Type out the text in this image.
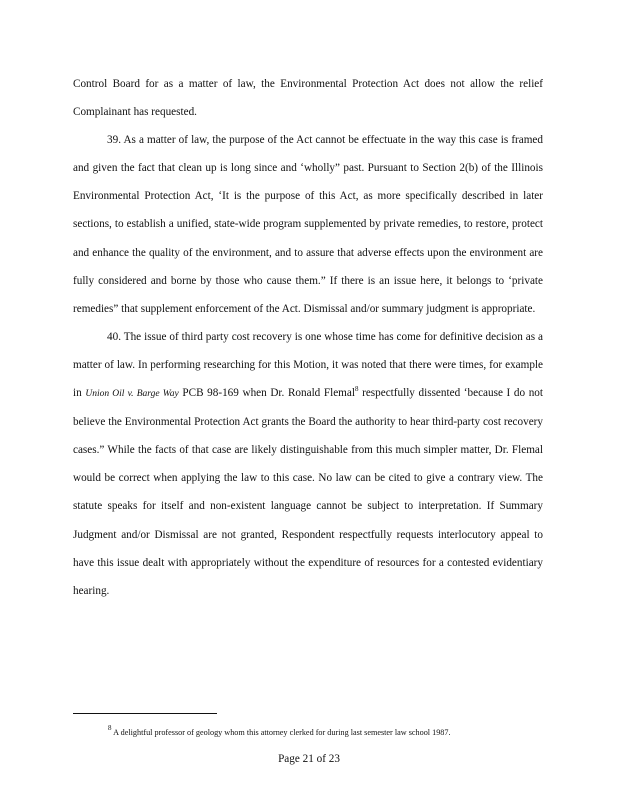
Control Board for as a matter of law, the Environmental Protection Act does not allow the relief Complainant has requested.

39. As a matter of law, the purpose of the Act cannot be effectuate in the way this case is framed and given the fact that clean up is long since and ‘wholly” past. Pursuant to Section 2(b) of the Illinois Environmental Protection Act, ‘It is the purpose of this Act, as more specifically described in later sections, to establish a unified, state-wide program supplemented by private remedies, to restore, protect and enhance the quality of the environment, and to assure that adverse effects upon the environment are fully considered and borne by those who cause them.” If there is an issue here, it belongs to ‘private remedies” that supplement enforcement of the Act. Dismissal and/or summary judgment is appropriate.

40. The issue of third party cost recovery is one whose time has come for definitive decision as a matter of law. In performing researching for this Motion, it was noted that there were times, for example in Union Oil v. Barge Way PCB 98-169 when Dr. Ronald Flemal$^8$ respectfully dissented ‘because I do not believe the Environmental Protection Act grants the Board the authority to hear third-party cost recovery cases.” While the facts of that case are likely distinguishable from this much simpler matter, Dr. Flemal would be correct when applying the law to this case. No law can be cited to give a contrary view. The statute speaks for itself and non-existent language cannot be subject to interpretation. If Summary Judgment and/or Dismissal are not granted, Respondent respectfully requests interlocutory appeal to have this issue dealt with appropriately without the expenditure of resources for a contested evidentiary hearing.

$^8$ A delightful professor of geology whom this attorney clerked for during last semester law school 1987.
Page 21 of 23
